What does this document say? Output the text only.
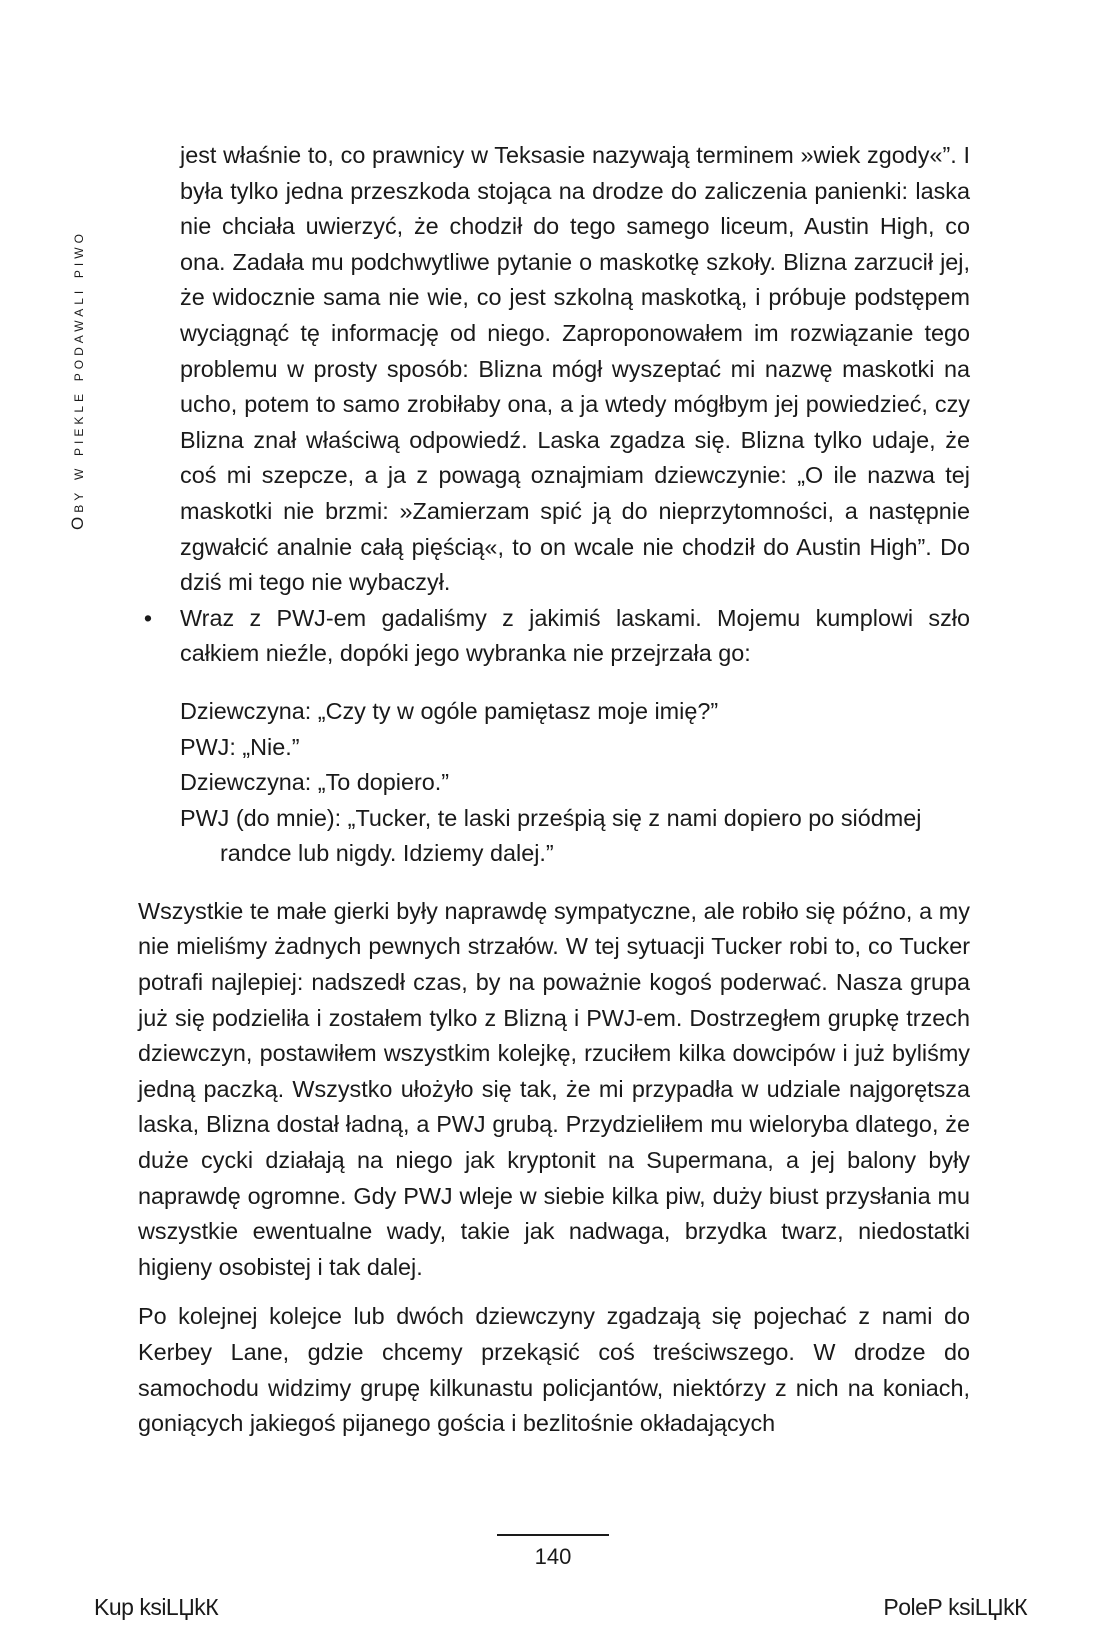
Oby w piekle podawali piwo

jest właśnie to, co prawnicy w Teksasie nazywają terminem »wiek zgody«”. I była tylko jedna przeszkoda stojąca na drodze do zaliczenia panienki: laska nie chciała uwierzyć, że chodził do tego samego liceum, Austin High, co ona. Zadała mu podchwytliwe pytanie o maskotkę szkoły. Blizna zarzucił jej, że widocznie sama nie wie, co jest szkolną maskotką, i próbuje podstępem wyciągnąć tę informację od niego. Zaproponowałem im rozwiązanie tego problemu w prosty sposób: Blizna mógł wyszeptać mi nazwę maskotki na ucho, potem to samo zrobiłaby ona, a ja wtedy mógłbym jej powiedzieć, czy Blizna znał właściwą odpowiedź. Laska zgadza się. Blizna tylko udaje, że coś mi szepcze, a ja z powagą oznajmiam dziewczynie: „O ile nazwa tej maskotki nie brzmi: »Zamierzam spić ją do nieprzytomności, a następnie zgwałcić analnie całą pięścią«, to on wcale nie chodził do Austin High”. Do dziś mi tego nie wybaczył.

• Wraz z PWJ-em gadaliśmy z jakimiś laskami. Mojemu kumplowi szło całkiem nieźle, dopóki jego wybranka nie przejrzała go:

Dziewczyna: „Czy ty w ogóle pamiętasz moje imię?”

PWJ: „Nie.”

Dziewczyna: „To dopiero.”

PWJ (do mnie): „Tucker, te laski prześpią się z nami dopiero po siódmej randce lub nigdy. Idziemy dalej.”

Wszystkie te małe gierki były naprawdę sympatyczne, ale robiło się późno, a my nie mieliśmy żadnych pewnych strzałów. W tej sytuacji Tucker robi to, co Tucker potrafi najlepiej: nadszedł czas, by na poważnie kogoś poderwać. Nasza grupa już się podzieliła i zostałem tylko z Blizną i PWJ-em. Dostrzegłem grupkę trzech dziewczyn, postawiłem wszystkim kolejkę, rzuciłem kilka dowcipów i już byliśmy jedną paczką. Wszystko ułożyło się tak, że mi przypadła w udziale najgorętsza laska, Blizna dostał ładną, a PWJ grubą. Przydzieliłem mu wieloryba dlatego, że duże cycki działają na niego jak kryptonit na Supermana, a jej balony były naprawdę ogromne. Gdy PWJ wleje w siebie kilka piw, duży biust przysłania mu wszystkie ewentualne wady, takie jak nadwaga, brzydka twarz, niedostatki higieny osobistej i tak dalej.

Po kolejnej kolejce lub dwóch dziewczyny zgadzają się pojechać z nami do Kerbey Lane, gdzie chcemy przekąsić coś treściwszego. W drodze do samochodu widzimy grupę kilkunastu policjantów, niektórzy z nich na koniach, goniących jakiegoś pijanego gościa i bezlitośnie okładających

140
Kup ksiLЏkК	PoleР ksiLЏkК
